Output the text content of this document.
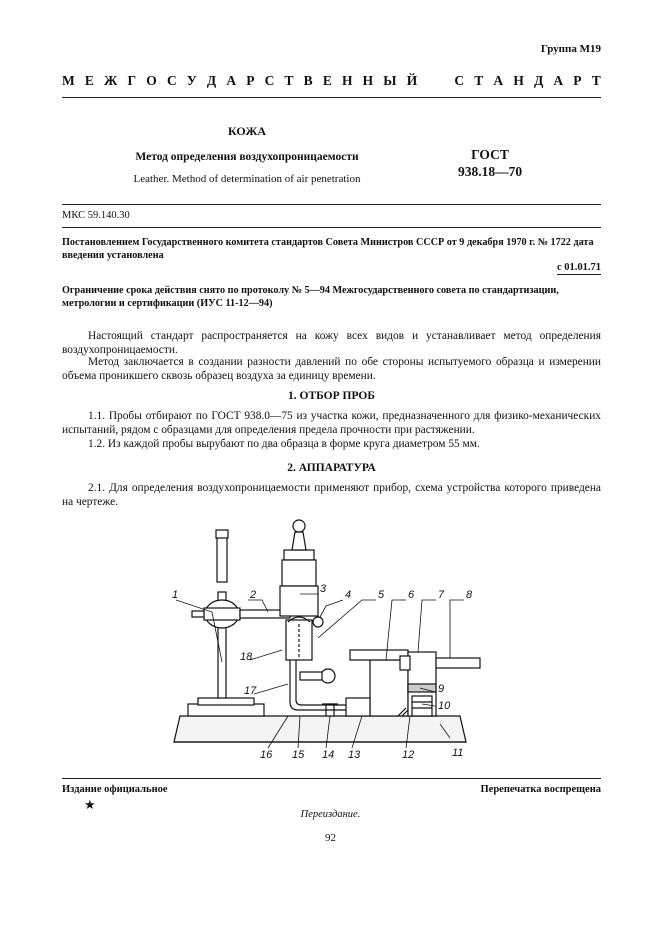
Группа М19
М Е Ж Г О С У Д А Р С Т В Е Н Н Ы Й

	С Т А Н Д А Р Т
КОЖА
Метод определения воздухопроницаемости
Leather. Method of determination of air penetration
ГОСТ
938.18—70
МКС 59.140.30
Постановлением Государственного комитета стандартов Совета Министров СССР от 9 декабря 1970 г. № 1722 дата введения установлена
с 01.01.71
Ограничение срока действия снято по протоколу № 5—94 Межгосударственного совета по стандартизации, метрологии и сертификации (ИУС 11-12—94)
Настоящий стандарт распространяется на кожу всех видов и устанавливает метод определения воздухопроницаемости.
Метод заключается в создании разности давлений по обе стороны испытуемого образца и измерении объема проникшего сквозь образец воздуха за единицу времени.
1. ОТБОР ПРОБ
1.1. Пробы отбирают по ГОСТ 938.0—75 из участка кожи, предназначенного для физико-механических испытаний, рядом с образцами для определения предела прочности при растяжении.
1.2. Из каждой пробы вырубают по два образца в форме круга диаметром 55 мм.
2. АППАРАТУРА
2.1. Для определения воздухопроницаемости применяют прибор, схема устройства которого приведена на чертеже.
1	2	3 4 5 6 7 8
9
10
11
12
13
14
15
16
17
18
Издание официальное	Перепечатка воспрещена
★
Переиздание.
92
